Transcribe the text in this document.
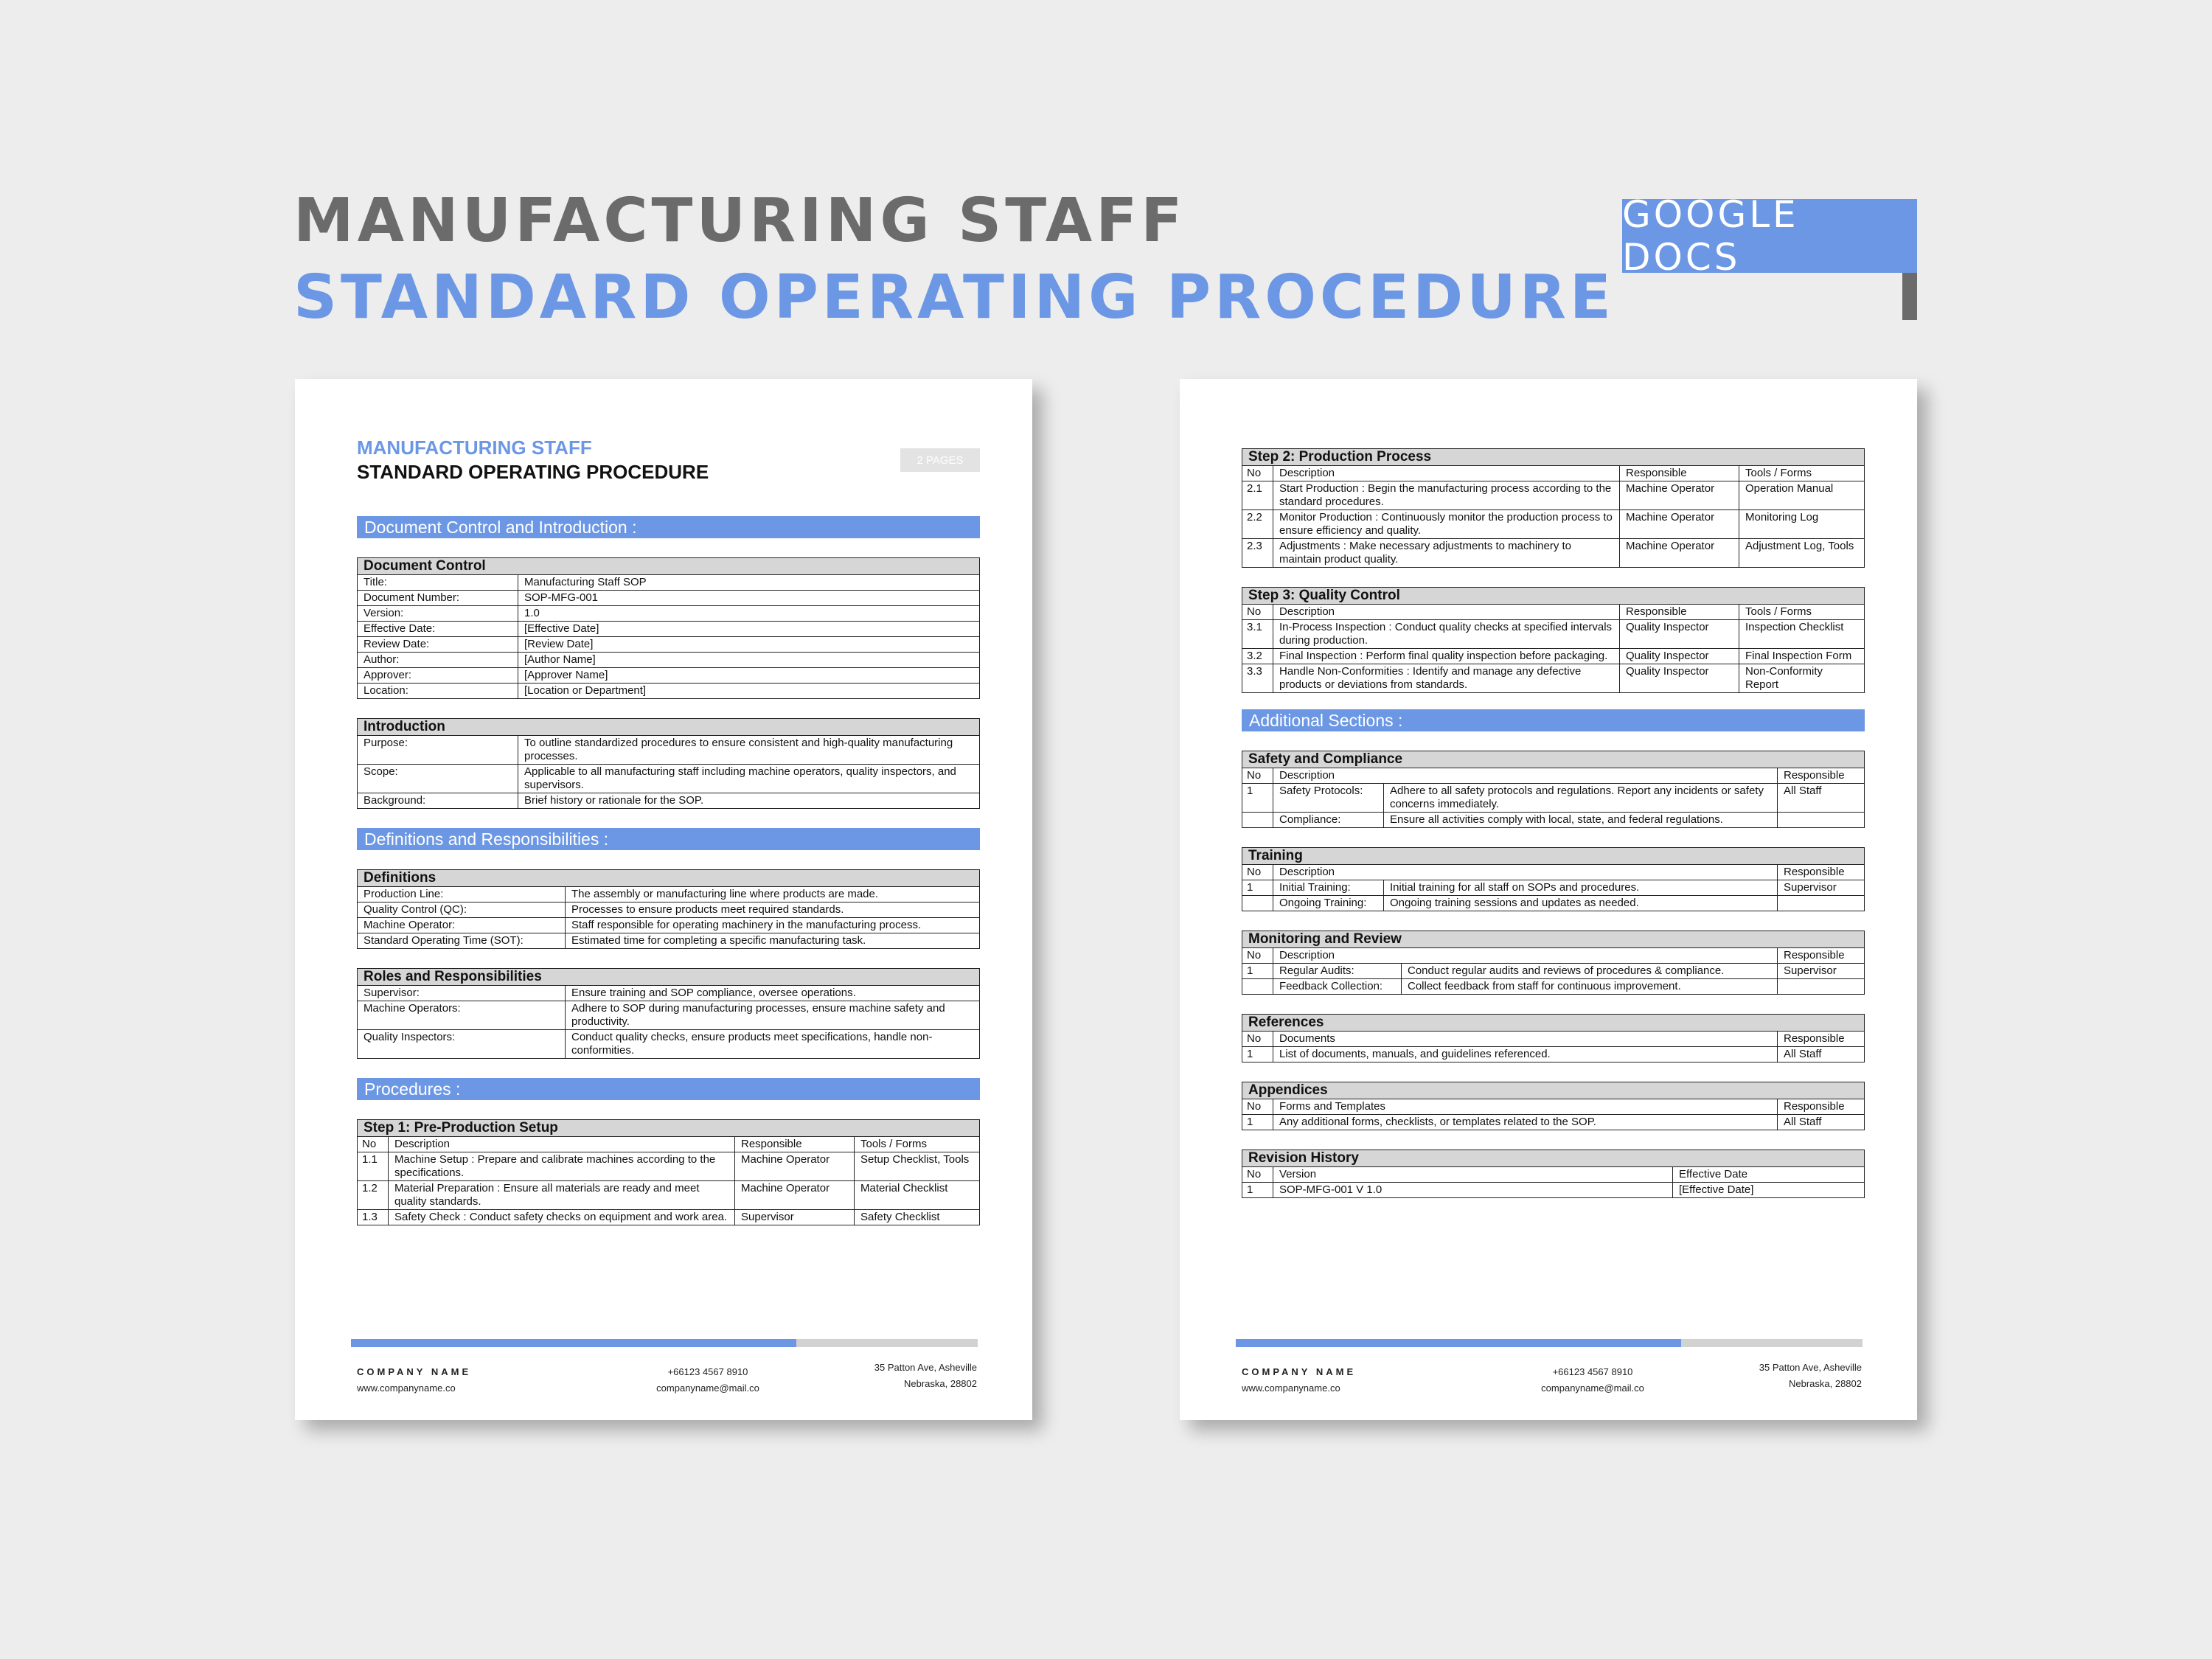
MANUFACTURING STAFF
STANDARD OPERATING PROCEDURE
GOOGLE DOCS
MANUFACTURING STAFF
STANDARD OPERATING PROCEDURE
2 PAGES
Document Control and Introduction :
Document Control	
Title:	Manufacturing Staff SOP
Document Number:	SOP-MFG-001
Version:	1.0
Effective Date:	[Effective Date]
Review Date:	[Review Date]
Author:	[Author Name]
Approver:	[Approver Name]
Location:	[Location or Department]
Introduction	
Purpose:	To outline standardized procedures to ensure consistent and high-quality manufacturing processes.
Scope:	Applicable to all manufacturing staff including machine operators, quality inspectors, and supervisors.
Background:	Brief history or rationale for the SOP.
Definitions and Responsibilities :
Definitions	
Production Line:	The assembly or manufacturing line where products are made.
Quality Control (QC):	Processes to ensure products meet required standards.
Machine Operator:	Staff responsible for operating machinery in the manufacturing process.
Standard Operating Time (SOT):	Estimated time for completing a specific manufacturing task.
Roles and Responsibilities	
Supervisor:	Ensure training and SOP compliance, oversee operations.
Machine Operators:	Adhere to SOP during manufacturing processes, ensure machine safety and productivity.
Quality Inspectors:	Conduct quality checks, ensure products meet specifications, handle non-conformities.
Procedures :
Step 1: Pre-Production Setup			
No	Description	Responsible	Tools / Forms
1.1	Machine Setup : Prepare and calibrate machines according to the specifications.	Machine Operator	Setup Checklist, Tools
1.2	Material Preparation : Ensure all materials are ready and meet quality standards.	Machine Operator	Material Checklist
1.3	Safety Check : Conduct safety checks on equipment and work area.	Supervisor	Safety Checklist
COMPANY NAME
www.companyname.co
+66123 4567 8910
companyname@mail.co
35 Patton Ave, Asheville
Nebraska, 28802
Step 2: Production Process			
No	Description	Responsible	Tools / Forms
2.1	Start Production : Begin the manufacturing process according to the standard procedures.	Machine Operator	Operation Manual
2.2	Monitor Production : Continuously monitor the production process to ensure efficiency and quality.	Machine Operator	Monitoring Log
2.3	Adjustments : Make necessary adjustments to machinery to maintain product quality.	Machine Operator	Adjustment Log, Tools
Step 3: Quality Control			
No	Description	Responsible	Tools / Forms
3.1	In-Process Inspection : Conduct quality checks at specified intervals during production.	Quality Inspector	Inspection Checklist
3.2	Final Inspection : Perform final quality inspection before packaging.	Quality Inspector	Final Inspection Form
3.3	Handle Non-Conformities : Identify and manage any defective products or deviations from standards.	Quality Inspector	Non-Conformity Report
Additional Sections :
Safety and Compliance			
No	Description		Responsible
1	Safety Protocols:	Adhere to all safety protocols and regulations. Report any incidents or safety concerns immediately.	All Staff
	Compliance:	Ensure all activities comply with local, state, and federal regulations.	
Training			
No	Description		Responsible
1	Initial Training:	Initial training for all staff on SOPs and procedures.	Supervisor
	Ongoing Training:	Ongoing training sessions and updates as needed.	
Monitoring and Review			
No	Description		Responsible
1	Regular Audits:	Conduct regular audits and reviews of procedures & compliance.	Supervisor
	Feedback Collection:	Collect feedback from staff for continuous improvement.	
References		
No	Documents	Responsible
1	List of documents, manuals, and guidelines referenced.	All Staff
Appendices		
No	Forms and Templates	Responsible
1	Any additional forms, checklists, or templates related to the SOP.	All Staff
Revision History		
No	Version	Effective Date
1	SOP-MFG-001 V 1.0	[Effective Date]
COMPANY NAME
www.companyname.co
+66123 4567 8910
companyname@mail.co
35 Patton Ave, Asheville
Nebraska, 28802
